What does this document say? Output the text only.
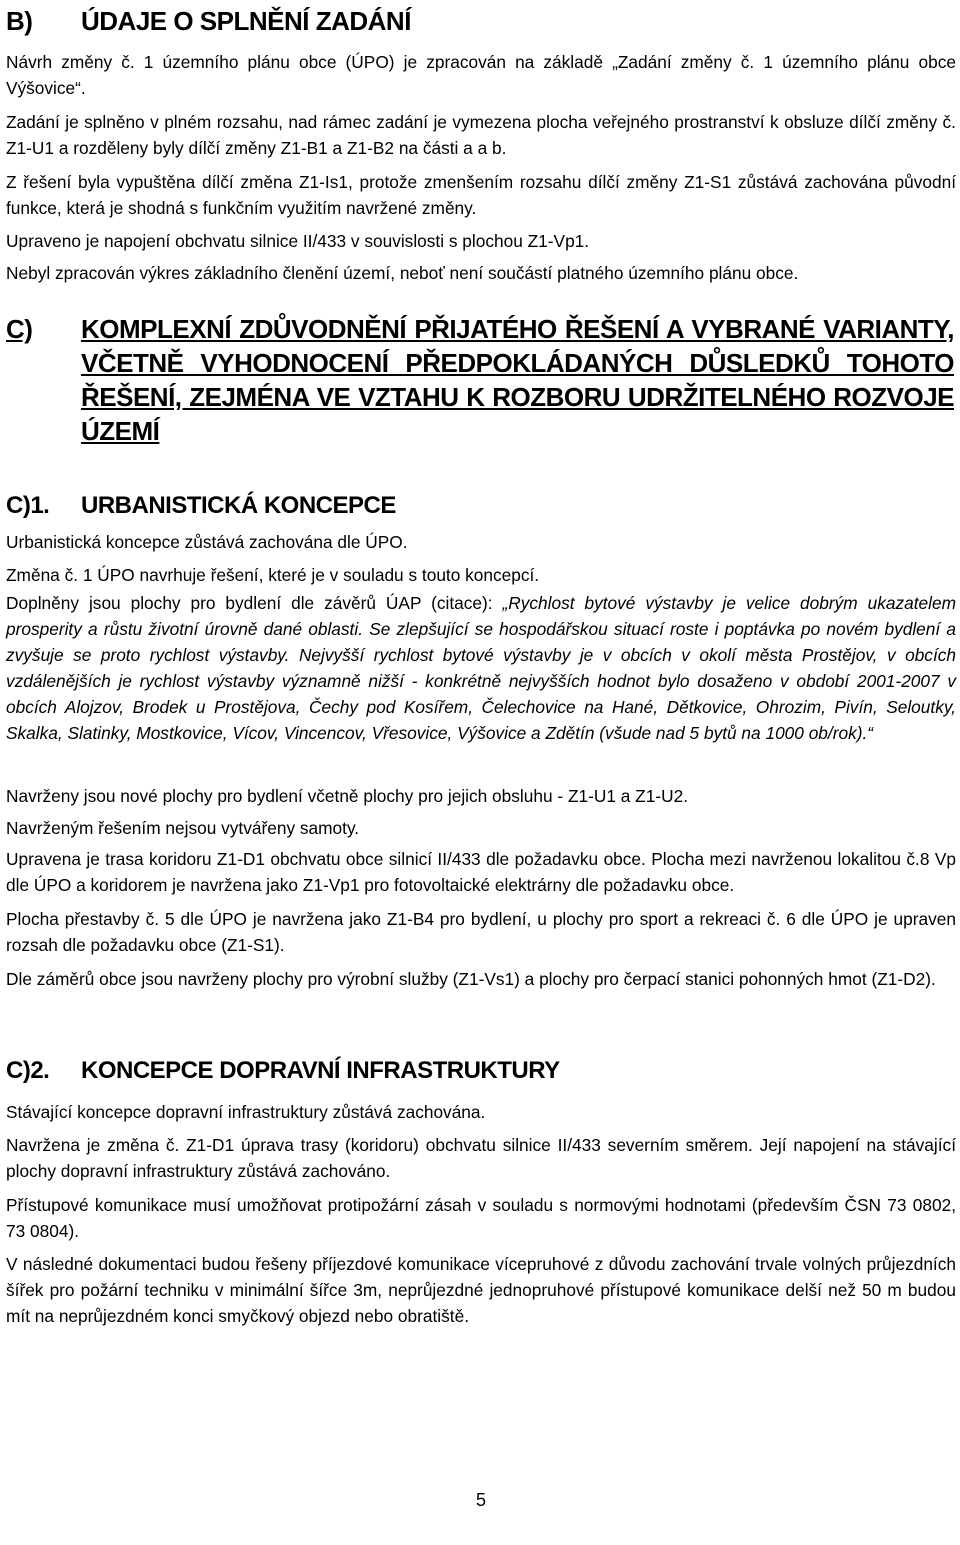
B) ÚDAJE O SPLNĚNÍ ZADÁNÍ

Návrh změny č. 1 územního plánu obce (ÚPO) je zpracován na základě „Zadání změny č. 1 územního plánu obce Výšovice“.

Zadání je splněno v plném rozsahu, nad rámec zadání je vymezena plocha veřejného prostranství k obsluze dílčí změny č. Z1-U1 a rozděleny byly dílčí změny Z1-B1 a Z1-B2 na části a a b.

Z řešení byla vypuštěna dílčí změna Z1-Is1, protože zmenšením rozsahu dílčí změny Z1-S1 zůstává zachována původní funkce, která je shodná s funkčním využitím navržené změny.

Upraveno je napojení obchvatu silnice II/433 v souvislosti s plochou Z1-Vp1.

Nebyl zpracován výkres základního členění území, neboť není součástí platného územního plánu obce.

C) KOMPLEXNÍ ZDŮVODNĚNÍ PŘIJATÉHO ŘEŠENÍ A VYBRANÉ VARIANTY, VČETNĚ VYHODNOCENÍ PŘEDPOKLÁDANÝCH DŮSLEDKŮ TOHOTO ŘEŠENÍ, ZEJMÉNA VE VZTAHU K ROZBORU UDRŽITELNÉHO ROZVOJE ÚZEMÍ
C)1. URBANISTICKÁ KONCEPCE

Urbanistická koncepce zůstává zachována dle ÚPO.

Změna č. 1 ÚPO navrhuje řešení, které je v souladu s touto koncepcí.

Doplněny jsou plochy pro bydlení dle závěrů ÚAP (citace): „Rychlost bytové výstavby je velice dobrým ukazatelem prosperity a růstu životní úrovně dané oblasti. Se zlepšující se hospodářskou situací roste i poptávka po novém bydlení a zvyšuje se proto rychlost výstavby. Nejvyšší rychlost bytové výstavby je v obcích v okolí města Prostějov, v obcích vzdálenějších je rychlost výstavby významně nižší - konkrétně nejvyšších hodnot bylo dosaženo v období 2001-2007 v obcích Alojzov, Brodek u Prostějova, Čechy pod Kosířem, Čelechovice na Hané, Dětkovice, Ohrozim, Pivín, Seloutky, Skalka, Slatinky, Mostkovice, Vícov, Vincencov, Vřesovice, Výšovice a Zdětín (všude nad 5 bytů na 1000 ob/rok).“

Navrženy jsou nové plochy pro bydlení včetně plochy pro jejich obsluhu - Z1-U1 a Z1-U2.

Navrženým řešením nejsou vytvářeny samoty.

Upravena je trasa koridoru Z1-D1 obchvatu obce silnicí II/433 dle požadavku obce. Plocha mezi navrženou lokalitou č.8 Vp dle ÚPO a koridorem je navržena jako Z1-Vp1 pro fotovoltaické elektrárny dle požadavku obce.

Plocha přestavby č. 5 dle ÚPO je navržena jako Z1-B4 pro bydlení, u plochy pro sport a rekreaci č. 6 dle ÚPO je upraven rozsah dle požadavku obce (Z1-S1).

Dle záměrů obce jsou navrženy plochy pro výrobní služby (Z1-Vs1) a plochy pro čerpací stanici pohonných hmot (Z1-D2).

C)2. KONCEPCE DOPRAVNÍ INFRASTRUKTURY

Stávající koncepce dopravní infrastruktury zůstává zachována.

Navržena je změna č. Z1-D1 úprava trasy (koridoru) obchvatu silnice II/433 severním směrem. Její napojení na stávající plochy dopravní infrastruktury zůstává zachováno.

Přístupové komunikace musí umožňovat protipožární zásah v souladu s normovými hodnotami (především ČSN 73 0802, 73 0804).

V následné dokumentaci budou řešeny příjezdové komunikace vícepruhové z důvodu zachování trvale volných průjezdních šířek pro požární techniku v minimální šířce 3m, neprůjezdné jednopruhové přístupové komunikace delší než 50 m budou mít na neprůjezdném konci smyčkový objezd nebo obratiště.

5
